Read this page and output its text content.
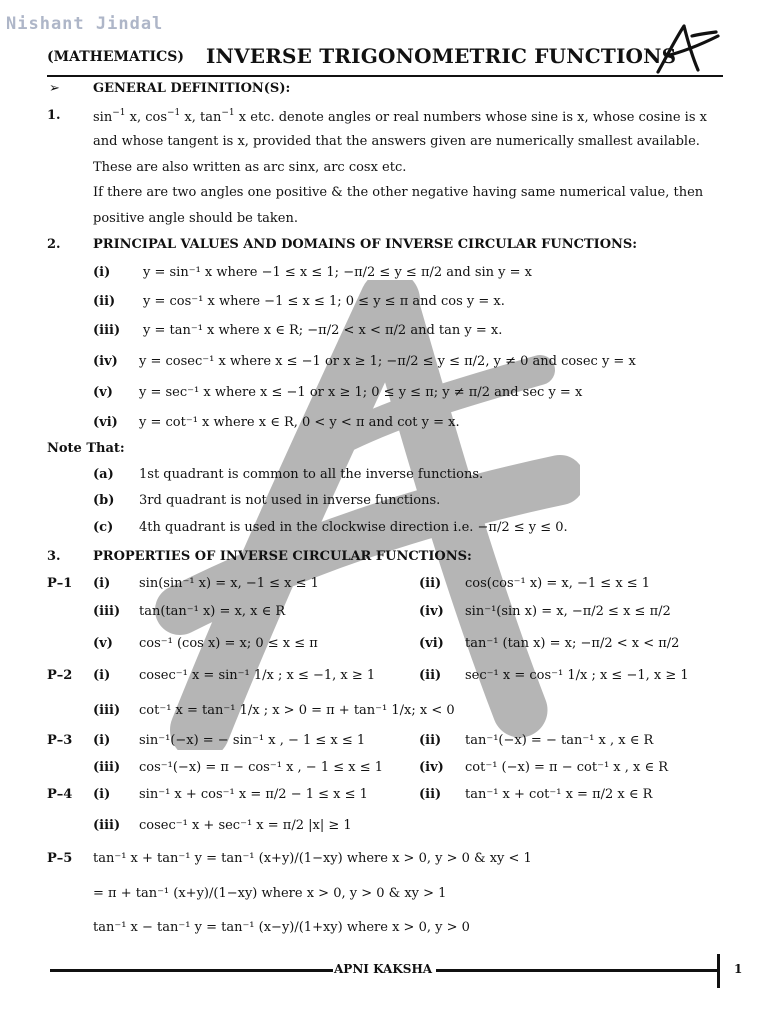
Nishant Jindal
(MATHEMATICS) INVERSE TRIGONOMETRIC FUNCTIONS
➢	GENERAL DEFINITION(S):
1. $\sin^{-1} x$, $\cos^{-1} x$, $\tan^{-1} x$ etc. denote angles or real numbers whose sine is x, whose cosine is x
and whose tangent is x, provided that the answers given are numerically smallest available.
These are also written as arc sinx, arc cosx etc.
If there are two angles one positive & the other negative having same numerical value, then
positive angle should be taken.
2. PRINCIPAL VALUES AND DOMAINS OF INVERSE CIRCULAR FUNCTIONS:
(i)	y = sin⁻¹ x where −1 ≤ x ≤ 1; −π/2 ≤ y ≤ π/2 and sin y = x
(ii) y = cos⁻¹ x where −1 ≤ x ≤ 1; 0 ≤ y ≤ π and cos y = x.
(iii) y = tan⁻¹ x where x ∈ R; −π/2 < x < π/2 and tan y = x.
(iv) y = cosec⁻¹ x where x ≤ −1 or x ≥ 1; −π/2 ≤ y ≤ π/2, y ≠ 0 and cosec y = x
(v) y = sec⁻¹ x where x ≤ −1 or x ≥ 1; 0 ≤ y ≤ π; y ≠ π/2 and sec y = x
(vi) y = cot⁻¹ x where x ∈ R, 0 < y < π and cot y = x.
Note That:
(a) 1st quadrant is common to all the inverse functions.
(b) 3rd quadrant is not used in inverse functions.
(c) 4th quadrant is used in the clockwise direction i.e. −π/2 ≤ y ≤ 0.
3. PROPERTIES OF INVERSE CIRCULAR FUNCTIONS:
P–1 (i) sin(sin⁻¹ x) = x, −1 ≤ x ≤ 1	(ii) cos(cos⁻¹ x) = x, −1 ≤ x ≤ 1
(iii) tan(tan⁻¹ x) = x, x ∈ R	(iv) sin⁻¹(sin x) = x, −π/2 ≤ x ≤ π/2
(v) cos⁻¹ (cos x) = x; 0 ≤ x ≤ π	(vi) tan⁻¹ (tan x) = x; −π/2 < x < π/2
P–2 (i) cosec⁻¹ x = sin⁻¹ 1/x ; x ≤ −1, x ≥ 1	(ii) sec⁻¹ x = cos⁻¹ 1/x ; x ≤ −1, x ≥ 1
(iii) cot⁻¹ x = tan⁻¹ 1/x ; x > 0 = π + tan⁻¹ 1/x; x < 0
P–3 (i) sin⁻¹(−x) = − sin⁻¹ x , − 1 ≤ x ≤ 1	(ii) tan⁻¹(−x) = − tan⁻¹ x , x ∈ R
(iii) cos⁻¹(−x) = π − cos⁻¹ x , − 1 ≤ x ≤ 1	(iv) cot⁻¹ (−x) = π − cot⁻¹ x , x ∈ R
P–4 (i) sin⁻¹ x + cos⁻¹ x = π/2 − 1 ≤ x ≤ 1	(ii) tan⁻¹ x + cot⁻¹ x = π/2 x ∈ R
(iii) cosec⁻¹ x + sec⁻¹ x = π/2 |x| ≥ 1
P–5 tan⁻¹ x + tan⁻¹ y = tan⁻¹ (x+y)/(1−xy) where x > 0, y > 0 & xy < 1
= π + tan⁻¹ (x+y)/(1−xy) where x > 0, y > 0 & xy > 1
tan⁻¹ x − tan⁻¹ y = tan⁻¹ (x−y)/(1+xy) where x > 0, y > 0
APNI KAKSHA	1
